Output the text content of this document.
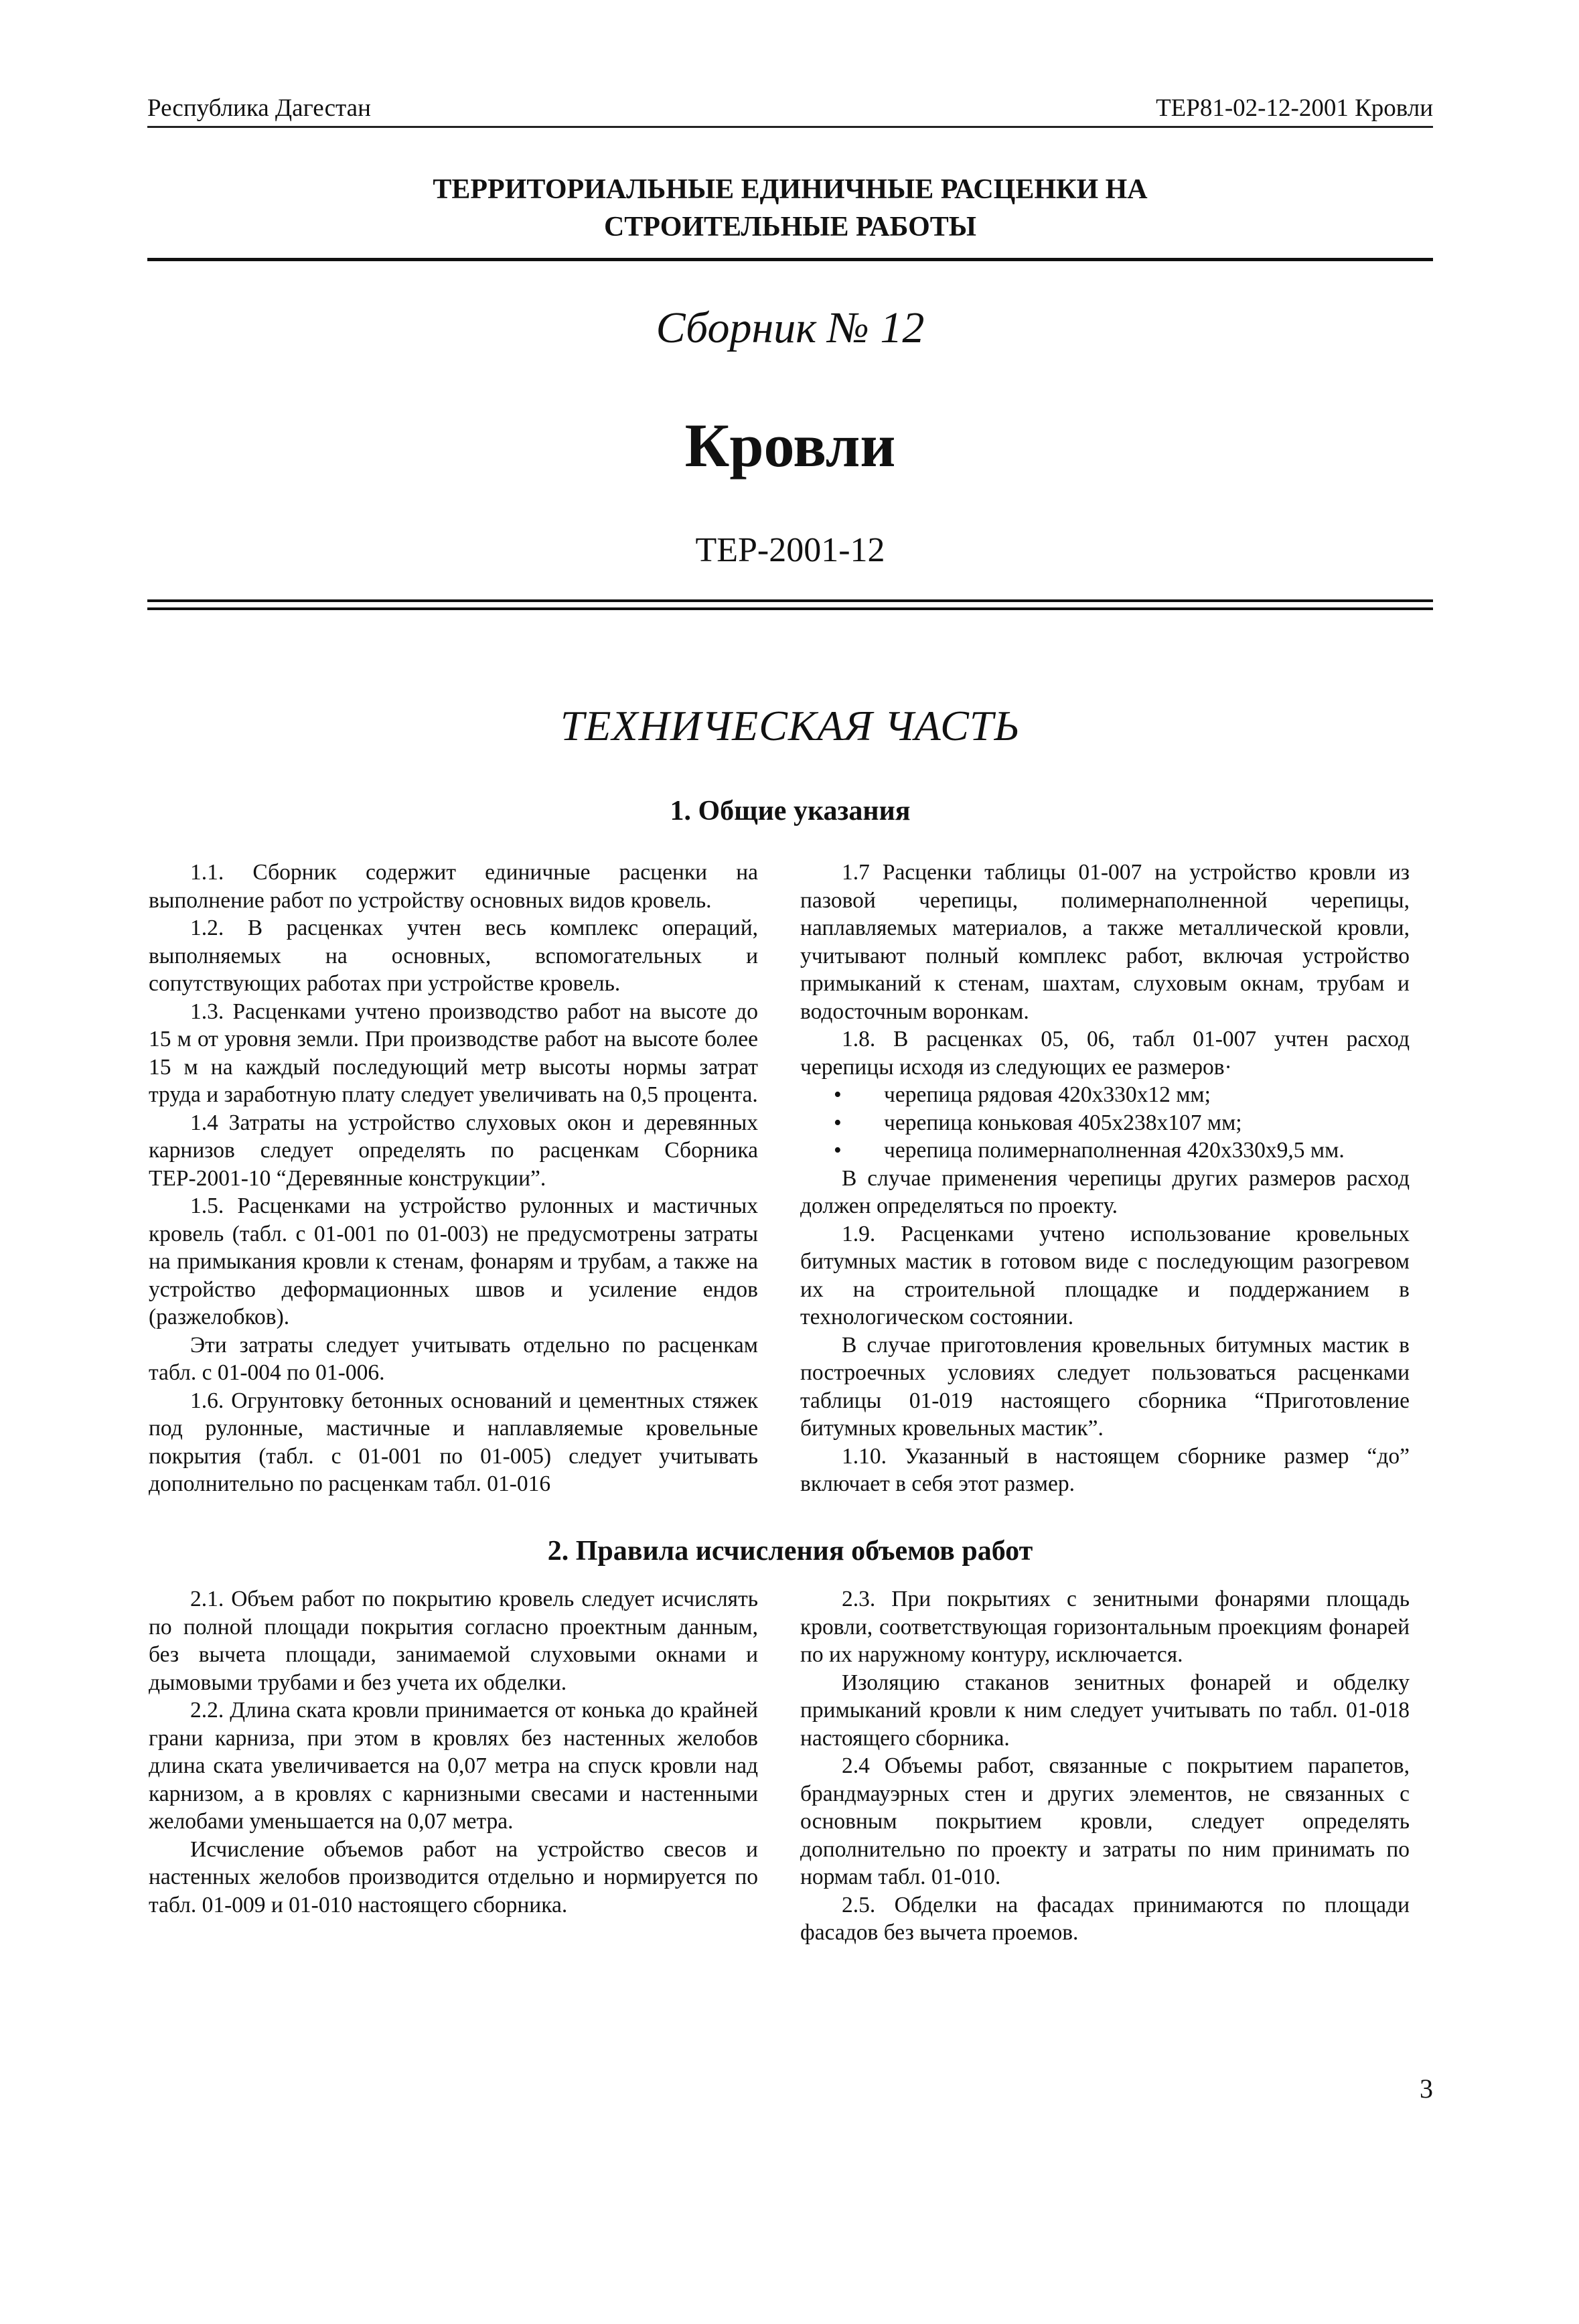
Республика Дагестан	ТЕР81-02-12-2001 Кровли
ТЕРРИТОРИАЛЬНЫЕ ЕДИНИЧНЫЕ РАСЦЕНКИ НА
СТРОИТЕЛЬНЫЕ РАБОТЫ
Сборник № 12
Кровли
ТЕР-2001-12
ТЕХНИЧЕСКАЯ ЧАСТЬ
1. Общие указания

1.1. Сборник содержит единичные расценки на выполнение работ по устройству основных видов кровель.

1.2. В расценках учтен весь комплекс операций, выполняемых на основных, вспомогательных и сопутствующих работах при устройстве кровель.

1.3. Расценками учтено производство работ на высоте до 15 м от уровня земли. При производстве работ на высоте более 15 м на каждый последующий метр высоты нормы затрат труда и заработную плату следует увеличивать на 0,5 процента.

1.4 Затраты на устройство слуховых окон и деревянных карнизов следует определять по расценкам Сборника ТЕР-2001-10 “Деревянные конструкции”.

1.5. Расценками на устройство рулонных и мастичных кровель (табл. с 01-001 по 01-003) не предусмотрены затраты на примыкания кровли к стенам, фонарям и трубам, а также на устройство деформационных швов и усиление ендов (разжелобков).

Эти затраты следует учитывать отдельно по расценкам табл. с 01-004 по 01-006.

1.6. Огрунтовку бетонных оснований и цементных стяжек под рулонные, мастичные и наплавляемые кровельные покрытия (табл. с 01-001 по 01-005) следует учитывать дополнительно по расценкам табл. 01-016

1.7 Расценки таблицы 01-007 на устройство кровли из пазовой черепицы, полимернаполненной черепицы, наплавляемых материалов, а также металлической кровли, учитывают полный комплекс работ, включая устройство примыканий к стенам, шахтам, слуховым окнам, трубам и водосточным воронкам.

1.8. В расценках 05, 06, табл 01-007 учтен расход черепицы исходя из следующих ее размеров·

• черепица рядовая 420х330х12 мм;
• черепица коньковая 405х238х107 мм;
• черепица полимернаполненная 420х330х9,5 мм.

В случае применения черепицы других размеров расход должен определяться по проекту.

1.9. Расценками учтено использование кровельных битумных мастик в готовом виде с последующим разогревом их на строительной площадке и поддержанием в технологическом состоянии.

В случае приготовления кровельных битумных мастик в построечных условиях следует пользоваться расценками таблицы 01-019 настоящего сборника “Приготовление битумных кровельных мастик”.

1.10. Указанный в настоящем сборнике размер “до” включает в себя этот размер.

2. Правила исчисления объемов работ

2.1. Объем работ по покрытию кровель следует исчислять по полной площади покрытия согласно проектным данным, без вычета площади, занимаемой слуховыми окнами и дымовыми трубами и без учета их обделки.

2.2. Длина ската кровли принимается от конька до крайней грани карниза, при этом в кровлях без настенных желобов длина ската увеличивается на 0,07 метра на спуск кровли над карнизом, а в кровлях с карнизными свесами и настенными желобами уменьшается на 0,07 метра.

Исчисление объемов работ на устройство свесов и настенных желобов производится отдельно и нормируется по табл. 01-009 и 01-010 настоящего сборника.

2.3. При покрытиях с зенитными фонарями площадь кровли, соответствующая горизонтальным проекциям фонарей по их наружному контуру, исключается.

Изоляцию стаканов зенитных фонарей и обделку примыканий кровли к ним следует учитывать по табл. 01-018 настоящего сборника.

2.4 Объемы работ, связанные с покрытием парапетов, брандмауэрных стен и других элементов, не связанных с основным покрытием кровли, следует определять дополнительно по проекту и затраты по ним принимать по нормам табл. 01-010.

2.5. Обделки на фасадах принимаются по площади фасадов без вычета проемов.

3
